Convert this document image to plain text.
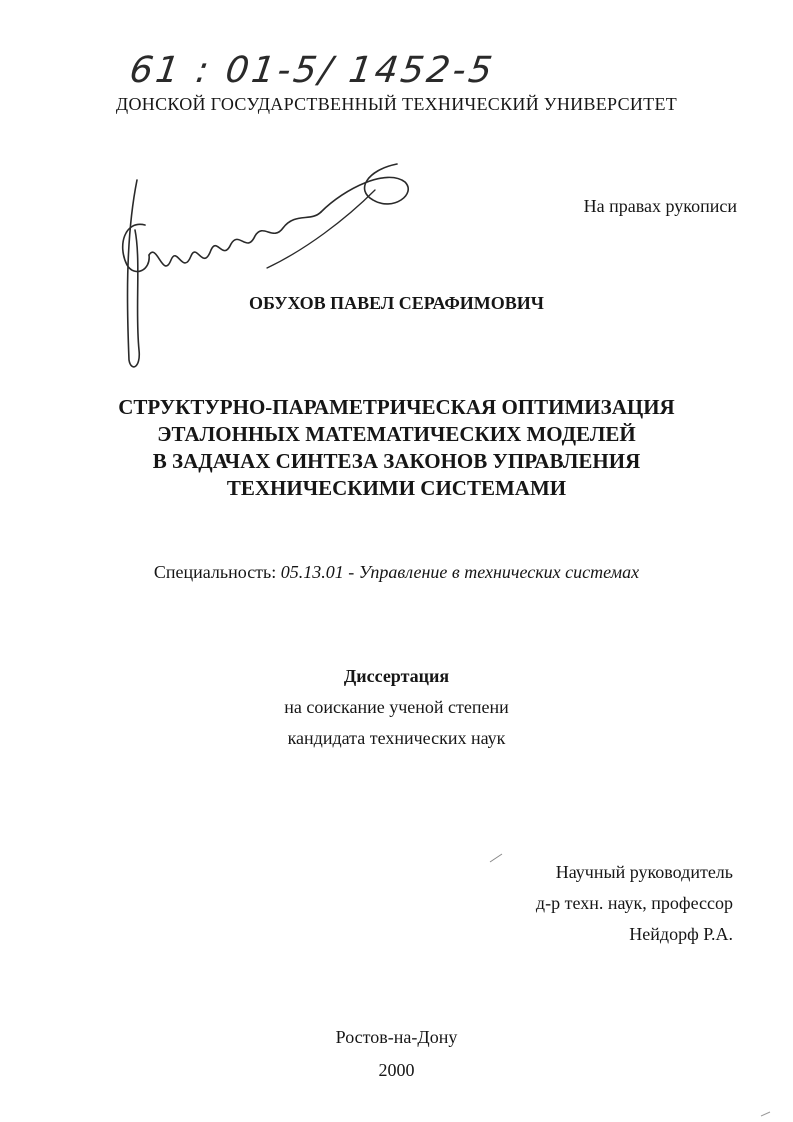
61 : 01-5/ 1452-5
ДОНСКОЙ ГОСУДАРСТВЕННЫЙ ТЕХНИЧЕСКИЙ УНИВЕРСИТЕТ
На правах рукописи
ОБУХОВ ПАВЕЛ СЕРАФИМОВИЧ
СТРУКТУРНО-ПАРАМЕТРИЧЕСКАЯ ОПТИМИЗАЦИЯ
ЭТАЛОННЫХ МАТЕМАТИЧЕСКИХ МОДЕЛЕЙ
В ЗАДАЧАХ СИНТЕЗА ЗАКОНОВ УПРАВЛЕНИЯ
ТЕХНИЧЕСКИМИ СИСТЕМАМИ
Специальность: 05.13.01 - Управление в технических системах
Диссертация
на соискание ученой степени
кандидата технических наук
Научный руководитель
д-р техн. наук, профессор
Нейдорф Р.А.
Ростов-на-Дону
2000
